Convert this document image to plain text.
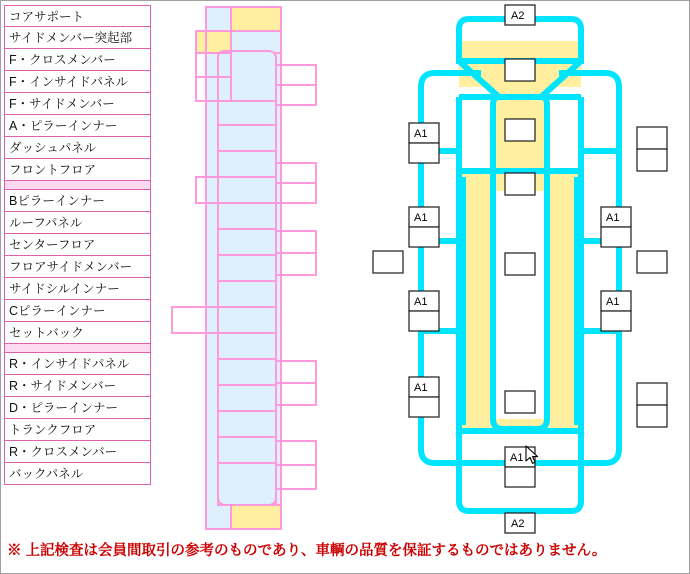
コアサポート
サイドメンバー突起部
F・クロスメンバー
F・インサイドパネル
F・サイドメンバー
A・ピラーインナー
ダッシュパネル
フロントフロア
Bピラーインナー
ルーフパネル
センターフロア
フロアサイドメンバー
サイドシルインナー
Cピラーインナー
セットバック
R・インサイドパネル
R・サイドメンバー
D・ピラーインナー
トランクフロア
R・クロスメンバー
バックパネル
A2
A1
A1
A1
A1
A1
A1
A1
A2
※ 上記検査は会員間取引の参考のものであり、車輌の品質を保証するものではありません。
